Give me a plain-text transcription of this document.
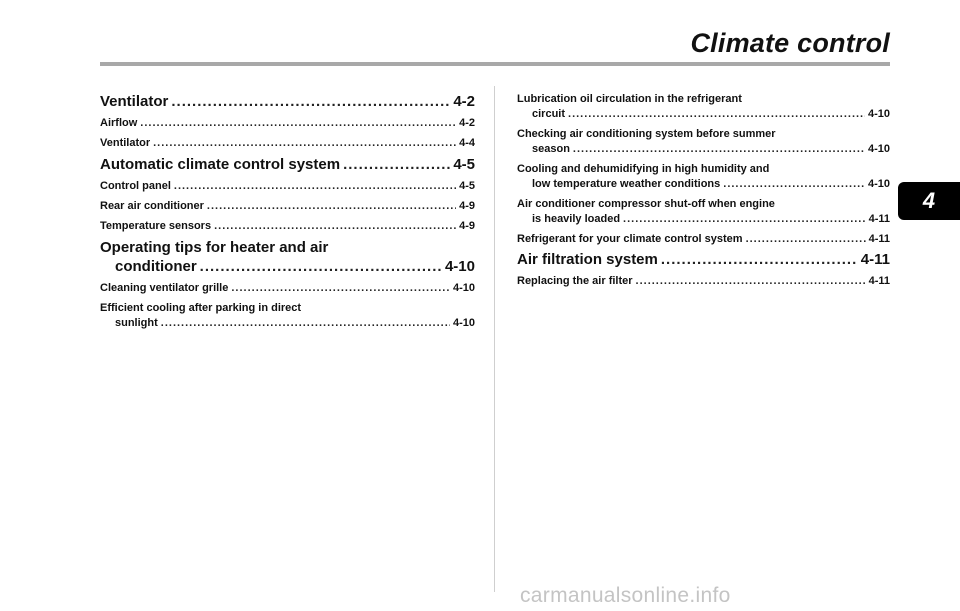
Climate control
Ventilator .....	4-2
Airflow .....	4-2
Ventilator .....	4-4
Automatic climate control system .....	4-5
Control panel .....	4-5
Rear air conditioner .....	4-9
Temperature sensors .....	4-9
Operating tips for heater and air
conditioner .....	4-10
Cleaning ventilator grille .....	4-10
Efficient cooling after parking in direct
sunlight .....	4-10
Lubrication oil circulation in the refrigerant
circuit .....	4-10
Checking air conditioning system before summer
season .....	4-10
Cooling and dehumidifying in high humidity and
low temperature weather conditions .....	4-10
Air conditioner compressor shut-off when engine
is heavily loaded .....	4-11
Refrigerant for your climate control system .....	4-11
Air filtration system .....	4-11
Replacing the air filter .....	4-11
4
carmanualsonline.info
